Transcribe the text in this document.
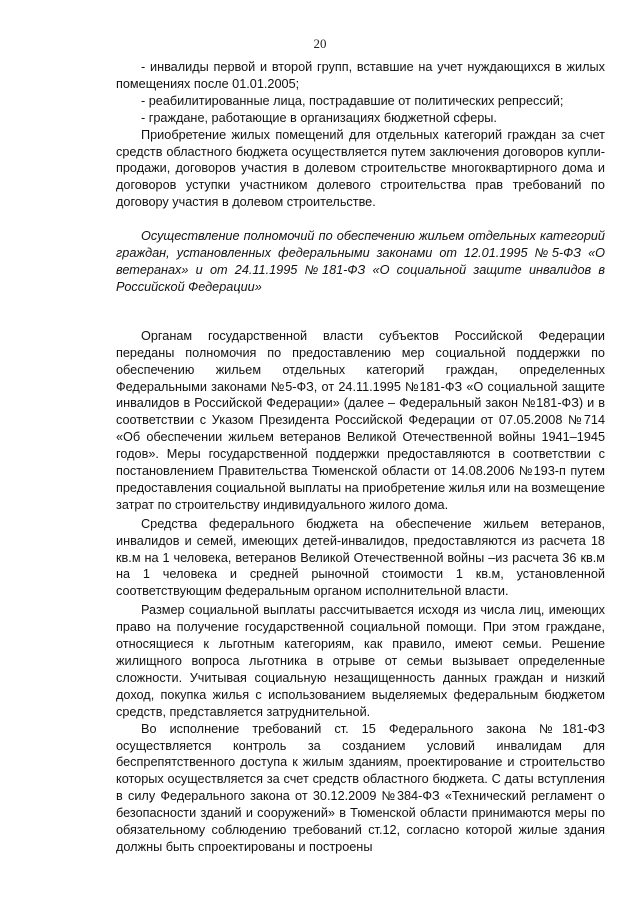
20

- инвалиды первой и второй групп, вставшие на учет нуждающихся в жилых помещениях после 01.01.2005;

- реабилитированные лица, пострадавшие от политических репрессий;

- граждане, работающие в организациях бюджетной сферы.

Приобретение жилых помещений для отдельных категорий граждан за счет средств областного бюджета осуществляется путем заключения договоров купли-продажи, договоров участия в долевом строительстве многоквартирного дома и договоров уступки участником долевого строительства прав требований по договору участия в долевом строительстве.

Осуществление полномочий по обеспечению жильем отдельных категорий граждан, установленных федеральными законами от 12.01.1995 №5-ФЗ «О ветеранах» и от 24.11.1995 №181-ФЗ «О социальной защите инвалидов в Российской Федерации»

Органам государственной власти субъектов Российской Федерации переданы полномочия по предоставлению мер социальной поддержки по обеспечению жильем отдельных категорий граждан, определенных Федеральными законами №5-ФЗ, от 24.11.1995 №181-ФЗ «О социальной защите инвалидов в Российской Федерации» (далее – Федеральный закон №181-ФЗ) и в соответствии с Указом Президента Российской Федерации от 07.05.2008 №714 «Об обеспечении жильем ветеранов Великой Отечественной войны 1941–1945 годов». Меры государственной поддержки предоставляются в соответствии с постановлением Правительства Тюменской области от 14.08.2006 №193-п путем предоставления социальной выплаты на приобретение жилья или на возмещение затрат по строительству индивидуального жилого дома.

Средства федерального бюджета на обеспечение жильем ветеранов, инвалидов и семей, имеющих детей-инвалидов, предоставляются из расчета 18 кв.м на 1 человека, ветеранов Великой Отечественной войны –из расчета 36 кв.м на 1 человека и средней рыночной стоимости 1 кв.м, установленной соответствующим федеральным органом исполнительной власти.

Размер социальной выплаты рассчитывается исходя из числа лиц, имеющих право на получение государственной социальной помощи. При этом граждане, относящиеся к льготным категориям, как правило, имеют семьи. Решение жилищного вопроса льготника в отрыве от семьи вызывает определенные сложности. Учитывая социальную незащищенность данных граждан и низкий доход, покупка жилья с использованием выделяемых федеральным бюджетом средств, представляется затруднительной.

Во исполнение требований ст. 15 Федерального закона №181-ФЗ осуществляется контроль за созданием условий инвалидам для беспрепятственного доступа к жилым зданиям, проектирование и строительство которых осуществляется за счет средств областного бюджета. С даты вступления в силу Федерального закона от 30.12.2009 №384-ФЗ «Технический регламент о безопасности зданий и сооружений» в Тюменской области принимаются меры по обязательному соблюдению требований ст.12, согласно которой жилые здания должны быть спроектированы и построены
